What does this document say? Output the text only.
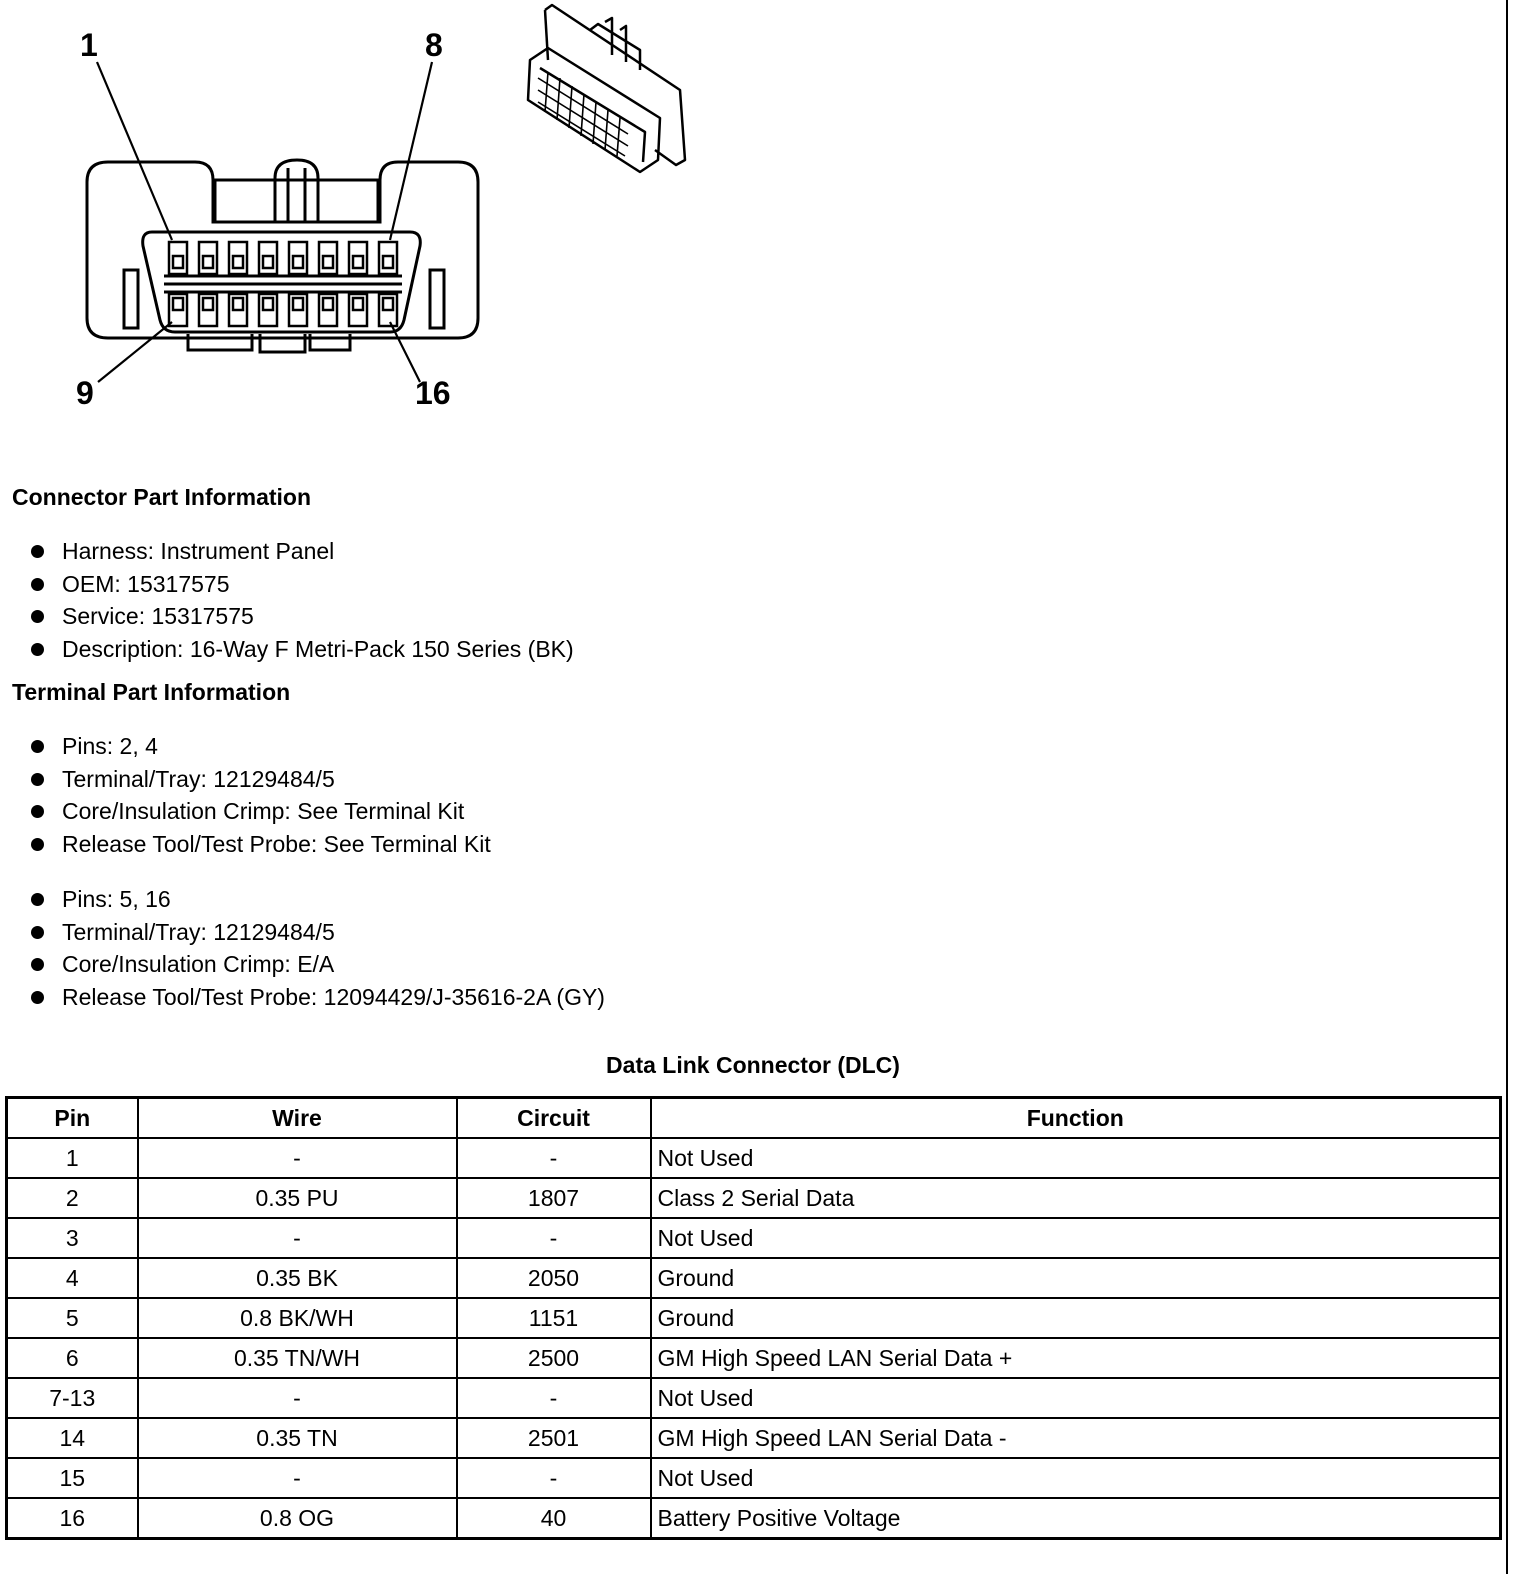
1	8
9	16
Connector Part Information
Harness: Instrument Panel
OEM: 15317575
Service: 15317575
Description: 16-Way F Metri-Pack 150 Series (BK)
Terminal Part Information
Pins: 2, 4
Terminal/Tray: 12129484/5
Core/Insulation Crimp: See Terminal Kit
Release Tool/Test Probe: See Terminal Kit
Pins: 5, 16
Terminal/Tray: 12129484/5
Core/Insulation Crimp: E/A
Release Tool/Test Probe: 12094429/J-35616-2A (GY)
Data Link Connector (DLC)
Pin	Wire	Circuit	Function
1	-	-	Not Used
2	0.35 PU	1807	Class 2 Serial Data
3	-	-	Not Used
4	0.35 BK	2050	Ground
5	0.8 BK/WH	1151	Ground
6	0.35 TN/WH	2500	GM High Speed LAN Serial Data +
7-13	-	-	Not Used
14	0.35 TN	2501	GM High Speed LAN Serial Data -
15	-	-	Not Used
16	0.8 OG	40	Battery Positive Voltage
